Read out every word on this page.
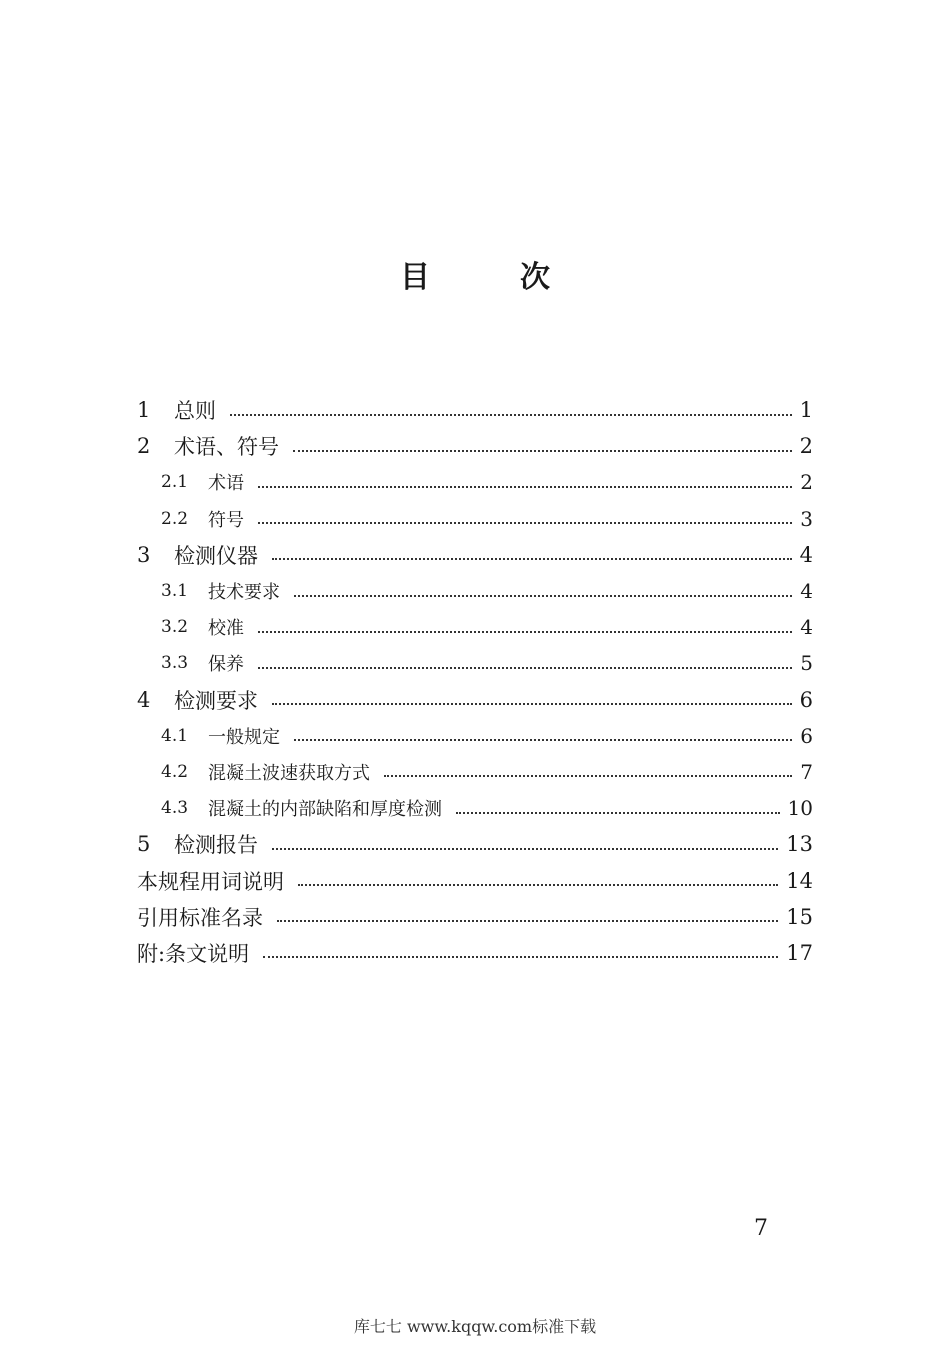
目　次
1	总则	1
2	术语、符号	2
2.1	术语	2
2.2	符号	3
3	检测仪器	4
3.1	技术要求	4
3.2	校准	4
3.3	保养	5
4	检测要求	6
4.1	一般规定	6
4.2	混凝土波速获取方式	7
4.3	混凝土的内部缺陷和厚度检测	10
5	检测报告	13
本规程用词说明	14
引用标准名录	15
附:条文说明	17
7
库七七 www.kqqw.com标准下载
